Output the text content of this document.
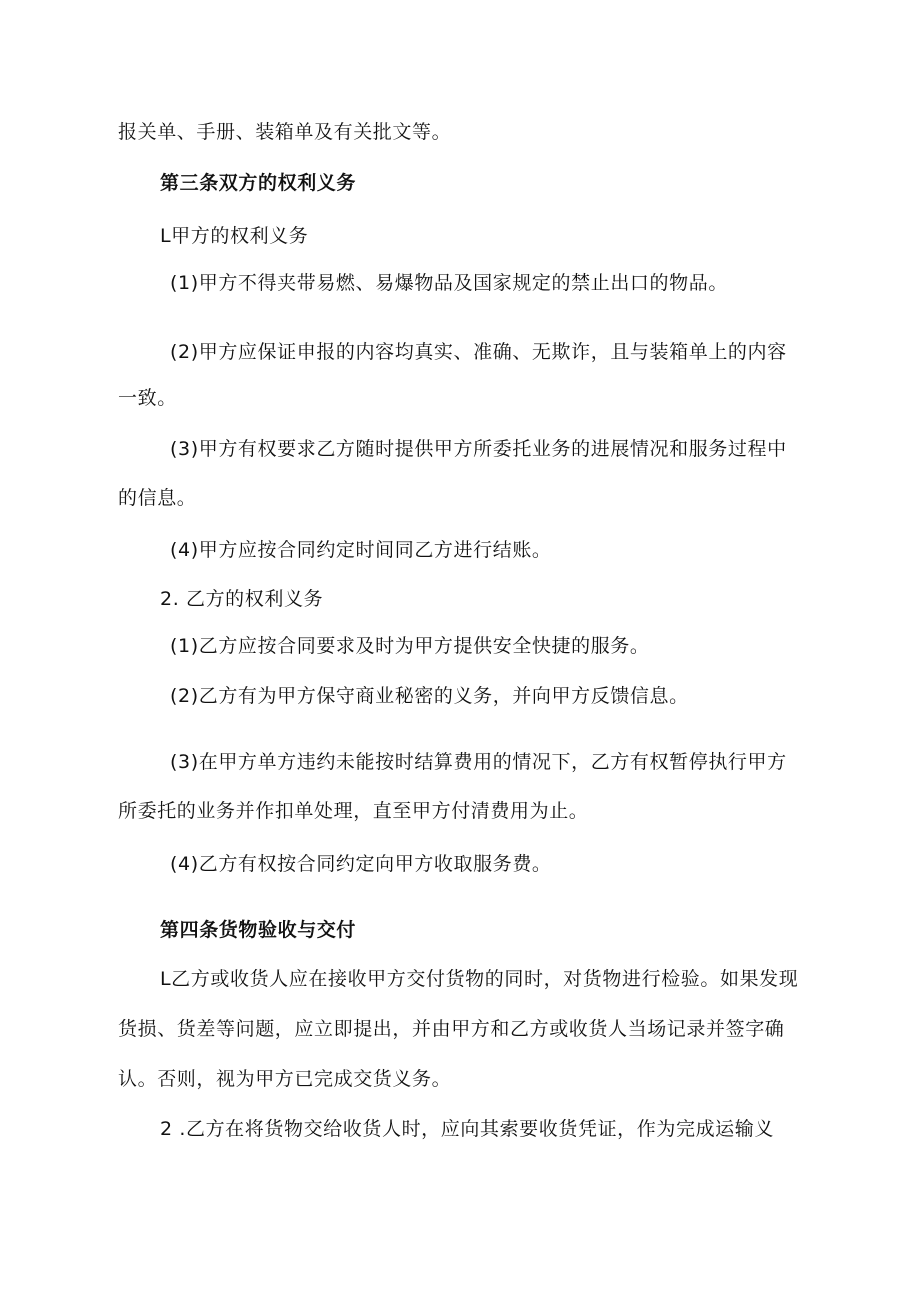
报关单、手册、装箱单及有关批文等。
第三条双方的权利义务
L甲方的权利义务
(1)甲方不得夹带易燃、易爆物品及国家规定的禁止出口的物品。
(2)甲方应保证申报的内容均真实、准确、无欺诈，且与装箱单上的内容
一致。
(3)甲方有权要求乙方随时提供甲方所委托业务的进展情况和服务过程中
的信息。
(4)甲方应按合同约定时间同乙方进行结账。
2. 乙方的权利义务
(1)乙方应按合同要求及时为甲方提供安全快捷的服务。
(2)乙方有为甲方保守商业秘密的义务，并向甲方反馈信息。
(3)在甲方单方违约未能按时结算费用的情况下，乙方有权暂停执行甲方
所委托的业务并作扣单处理，直至甲方付清费用为止。
(4)乙方有权按合同约定向甲方收取服务费。
第四条货物验收与交付
L乙方或收货人应在接收甲方交付货物的同时，对货物进行检验。如果发现
货损、货差等问题，应立即提出，并由甲方和乙方或收货人当场记录并签字确
认。否则，视为甲方已完成交货义务。
2 .乙方在将货物交给收货人时，应向其索要收货凭证，作为完成运输义
